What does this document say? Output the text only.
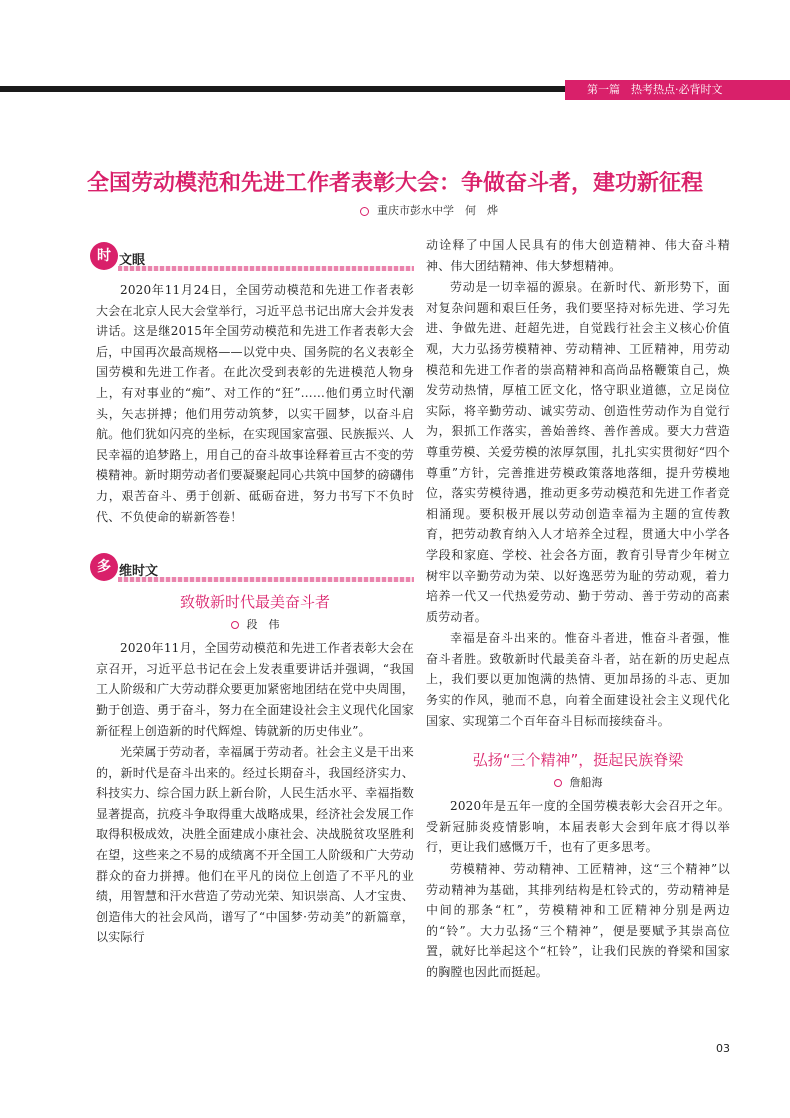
第一篇　热考热点·必背时文
全国劳动模范和先进工作者表彰大会：争做奋斗者，建功新征程
重庆市彭水中学　何　烨
时 文眼

2020年11月24日，全国劳动模范和先进工作者表彰大会在北京人民大会堂举行，习近平总书记出席大会并发表讲话。这是继2015年全国劳动模范和先进工作者表彰大会后，中国再次最高规格——以党中央、国务院的名义表彰全国劳模和先进工作者。在此次受到表彰的先进模范人物身上，有对事业的“痴”、对工作的“狂”……他们勇立时代潮头，矢志拼搏；他们用劳动筑梦，以实干圆梦，以奋斗启航。他们犹如闪亮的坐标，在实现国家富强、民族振兴、人民幸福的追梦路上，用自己的奋斗故事诠释着亘古不变的劳模精神。新时期劳动者们要凝聚起同心共筑中国梦的磅礴伟力，艰苦奋斗、勇于创新、砥砺奋进，努力书写下不负时代、不负使命的崭新答卷！

多 维时文
致敬新时代最美奋斗者
段　伟

2020年11月，全国劳动模范和先进工作者表彰大会在京召开，习近平总书记在会上发表重要讲话并强调，“我国工人阶级和广大劳动群众要更加紧密地团结在党中央周围，勤于创造、勇于奋斗，努力在全面建设社会主义现代化国家新征程上创造新的时代辉煌、铸就新的历史伟业”。

光荣属于劳动者，幸福属于劳动者。社会主义是干出来的，新时代是奋斗出来的。经过长期奋斗，我国经济实力、科技实力、综合国力跃上新台阶，人民生活水平、幸福指数显著提高，抗疫斗争取得重大战略成果，经济社会发展工作取得积极成效，决胜全面建成小康社会、决战脱贫攻坚胜利在望，这些来之不易的成绩离不开全国工人阶级和广大劳动群众的奋力拼搏。他们在平凡的岗位上创造了不平凡的业绩，用智慧和汗水营造了劳动光荣、知识崇高、人才宝贵、创造伟大的社会风尚，谱写了“中国梦·劳动美”的新篇章，以实际行

动诠释了中国人民具有的伟大创造精神、伟大奋斗精神、伟大团结精神、伟大梦想精神。

劳动是一切幸福的源泉。在新时代、新形势下，面对复杂问题和艰巨任务，我们要坚持对标先进、学习先进、争做先进、赶超先进，自觉践行社会主义核心价值观，大力弘扬劳模精神、劳动精神、工匠精神，用劳动模范和先进工作者的崇高精神和高尚品格鞭策自己，焕发劳动热情，厚植工匠文化，恪守职业道德，立足岗位实际，将辛勤劳动、诚实劳动、创造性劳动作为自觉行为，狠抓工作落实，善始善终、善作善成。要大力营造尊重劳模、关爱劳模的浓厚氛围，扎扎实实贯彻好“四个尊重”方针，完善推进劳模政策落地落细，提升劳模地位，落实劳模待遇，推动更多劳动模范和先进工作者竞相涌现。要积极开展以劳动创造幸福为主题的宣传教育，把劳动教育纳入人才培养全过程，贯通大中小学各学段和家庭、学校、社会各方面，教育引导青少年树立树牢以辛勤劳动为荣、以好逸恶劳为耻的劳动观，着力培养一代又一代热爱劳动、勤于劳动、善于劳动的高素质劳动者。

幸福是奋斗出来的。惟奋斗者进，惟奋斗者强，惟奋斗者胜。致敬新时代最美奋斗者，站在新的历史起点上，我们要以更加饱满的热情、更加昂扬的斗志、更加务实的作风，驰而不息，向着全面建设社会主义现代化国家、实现第二个百年奋斗目标而接续奋斗。

弘扬“三个精神”，挺起民族脊梁
詹船海

2020年是五年一度的全国劳模表彰大会召开之年。受新冠肺炎疫情影响，本届表彰大会到年底才得以举行，更让我们感慨万千，也有了更多思考。

劳模精神、劳动精神、工匠精神，这“三个精神”以劳动精神为基础，其排列结构是杠铃式的，劳动精神是中间的那条“杠”，劳模精神和工匠精神分别是两边的“铃”。大力弘扬“三个精神”，便是要赋予其崇高位置，就好比举起这个“杠铃”，让我们民族的脊梁和国家的胸膛也因此而挺起。

03
